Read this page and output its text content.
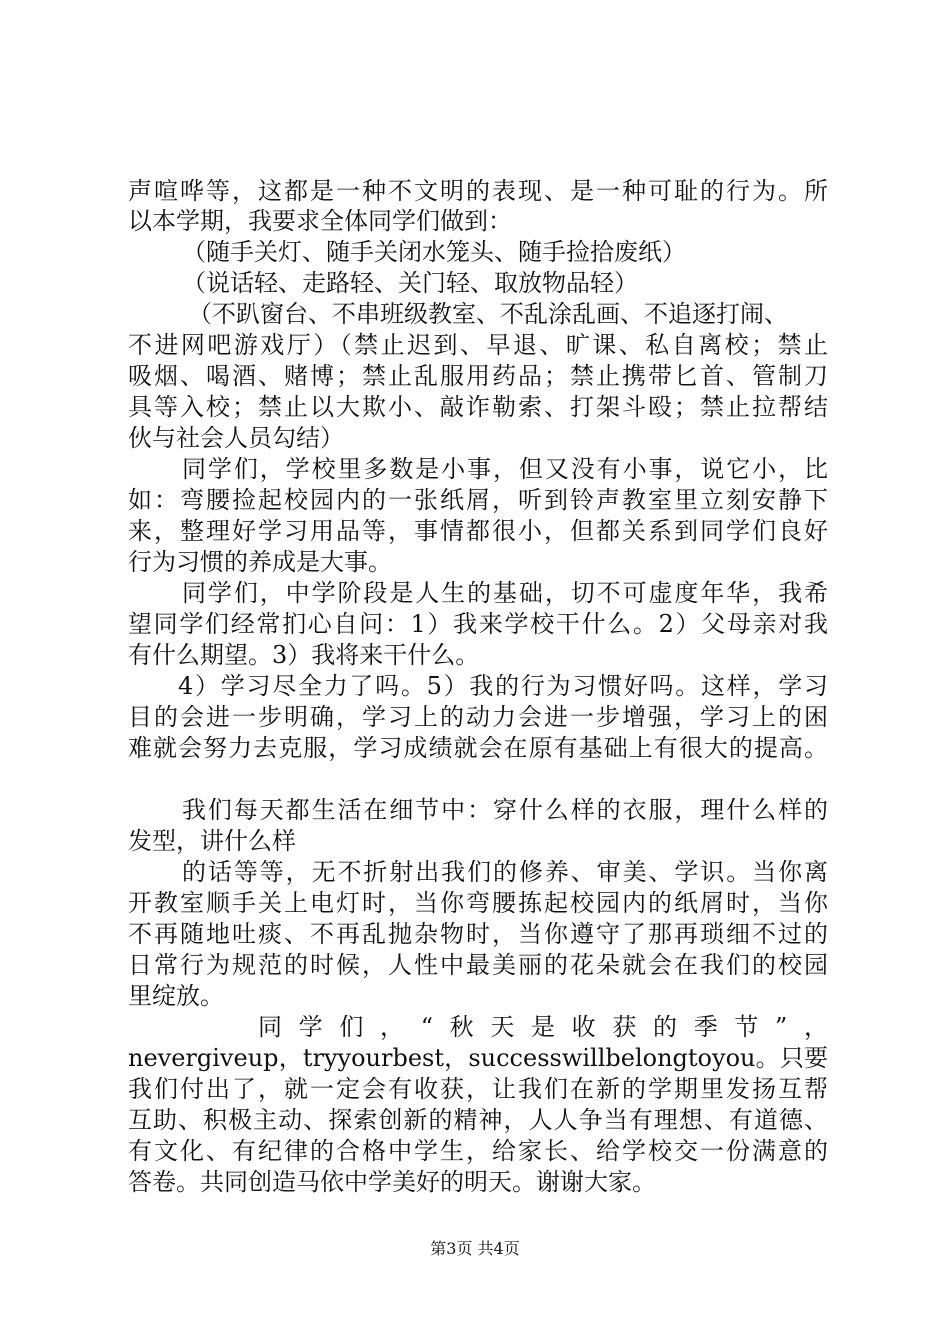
声喧哗等，这都是一种不文明的表现、是一种可耻的行为。所
以本学期，我要求全体同学们做到：
（随手关灯、随手关闭水笼头、随手捡拾废纸）
（说话轻、走路轻、关门轻、取放物品轻）
（不趴窗台、不串班级教室、不乱涂乱画、不追逐打闹、
不进网吧游戏厅）（禁止迟到、早退、旷课、私自离校；禁止
吸烟、喝酒、赌博；禁止乱服用药品；禁止携带匕首、管制刀
具等入校；禁止以大欺小、敲诈勒索、打架斗殴；禁止拉帮结
伙与社会人员勾结）
同学们，学校里多数是小事，但又没有小事，说它小，比
如：弯腰捡起校园内的一张纸屑，听到铃声教室里立刻安静下
来，整理好学习用品等，事情都很小，但都关系到同学们良好
行为习惯的养成是大事。
同学们，中学阶段是人生的基础，切不可虚度年华，我希
望同学们经常扪心自问：1）我来学校干什么。2）父母亲对我
有什么期望。3）我将来干什么。
4）学习尽全力了吗。5）我的行为习惯好吗。这样，学习
目的会进一步明确，学习上的动力会进一步增强，学习上的困
难就会努力去克服，学习成绩就会在原有基础上有很大的提高。
我们每天都生活在细节中：穿什么样的衣服，理什么样的
发型，讲什么样
的话等等，无不折射出我们的修养、审美、学识。当你离
开教室顺手关上电灯时，当你弯腰拣起校园内的纸屑时，当你
不再随地吐痰、不再乱抛杂物时，当你遵守了那再琐细不过的
日常行为规范的时候，人性中最美丽的花朵就会在我们的校园
里绽放。
同学们，“秋天是收获的季节”，
nevergiveup，tryyourbest，successwillbelongtoyou。只要
我们付出了，就一定会有收获，让我们在新的学期里发扬互帮
互助、积极主动、探索创新的精神，人人争当有理想、有道德、
有文化、有纪律的合格中学生，给家长、给学校交一份满意的
答卷。共同创造马依中学美好的明天。谢谢大家。
第3页 共4页
